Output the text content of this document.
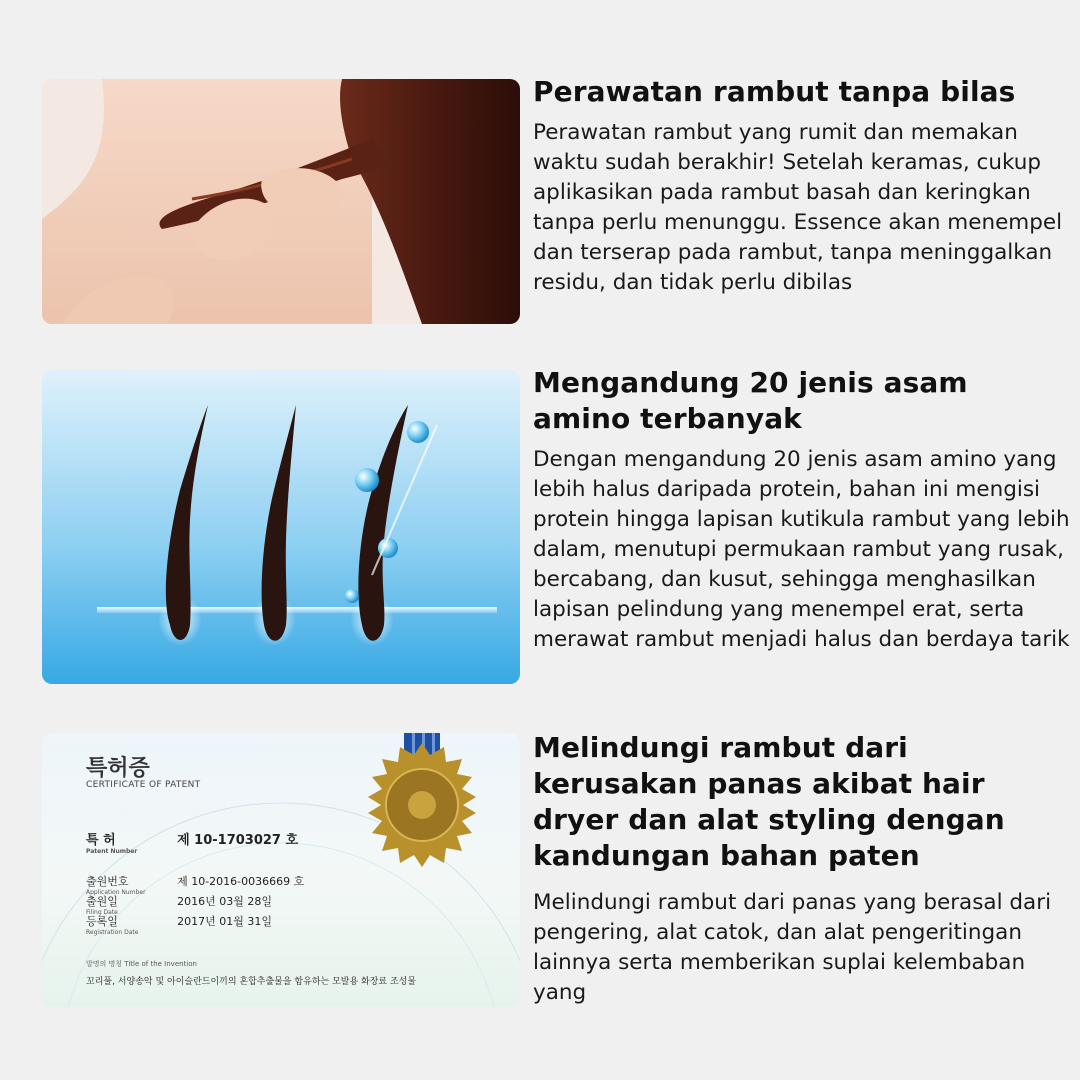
Perawatan rambut tanpa bilas
Perawatan rambut yang rumit dan memakan waktu sudah berakhir! Setelah keramas, cukup aplikasikan pada rambut basah dan keringkan tanpa perlu menunggu. Essence akan menempel dan terserap pada rambut, tanpa meninggalkan residu, dan tidak perlu dibilas
Mengandung 20 jenis asam amino terbanyak
Dengan mengandung 20 jenis asam amino yang lebih halus daripada protein, bahan ini mengisi protein hingga lapisan kutikula rambut yang lebih dalam, menutupi permukaan rambut yang rusak, bercabang, dan kusut, sehingga menghasilkan lapisan pelindung yang menempel erat, serta merawat rambut menjadi halus dan berdaya tarik
특허증
CERTIFICATE OF PATENT
특 허
Patent Number
제 10-1703027 호
출원번호
Application Number
제 10-2016-0036669 호
출원일
Filing Date
2016년 03월 28일
등록일
Registration Date
2017년 01월 31일
발명의 명칭 Title of the Invention
꼬리풀, 서양송악 및 아이슬란드이끼의 혼합추출물을 함유하는 모발용 화장료 조성물
Melindungi rambut dari kerusakan panas akibat hair dryer dan alat styling dengan kandungan bahan paten
Melindungi rambut dari panas yang berasal dari pengering, alat catok, dan alat pengeritingan lainnya serta memberikan suplai kelembaban yang
